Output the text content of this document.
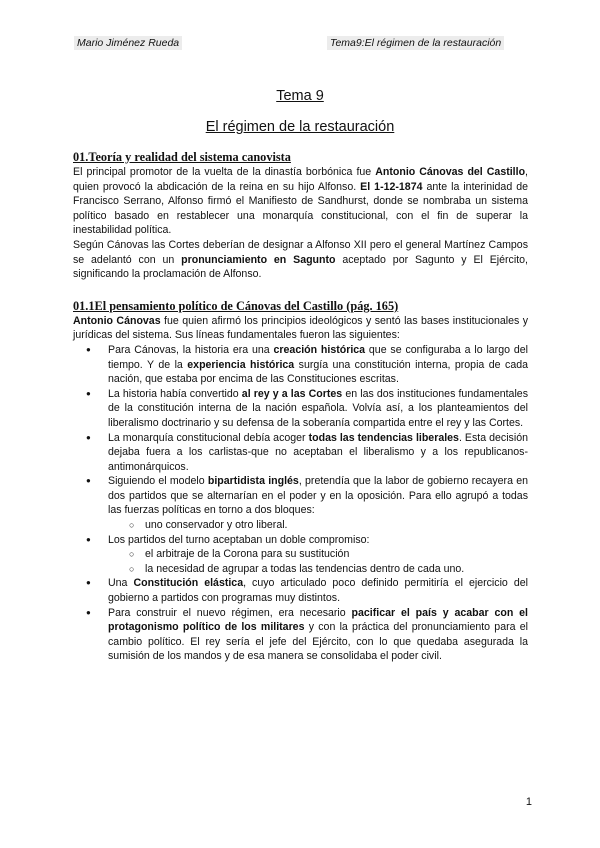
Mario Jiménez Rueda	Tema9:El régimen de la restauración
Tema 9
El régimen de la restauración
01.Teoría y realidad del sistema canovista

El principal promotor de la vuelta de la dinastía borbónica fue Antonio Cánovas del Castillo, quien provocó la abdicación de la reina en su hijo Alfonso. El 1-12-1874 ante la interinidad de Francisco Serrano, Alfonso firmó el Manifiesto de Sandhurst, donde se nombraba un sistema político basado en restablecer una monarquía constitucional, con el fin de superar la inestabilidad política.

Según Cánovas las Cortes deberían de designar a Alfonso XII pero el general Martínez Campos se adelantó con un pronunciamiento en Sagunto aceptado por Sagunto y El Ejército, significando la proclamación de Alfonso.

01.1El pensamiento político de Cánovas del Castillo (pág. 165)

Antonio Cánovas fue quien afirmó los principios ideológicos y sentó las bases institucionales y jurídicas del sistema. Sus líneas fundamentales fueron las siguientes:

● Para Cánovas, la historia era una creación histórica que se configuraba a lo largo del tiempo. Y de la experiencia histórica surgía una constitución interna, propia de cada nación, que estaba por encima de las Constituciones escritas.
● La historia había convertido al rey y a las Cortes en las dos instituciones fundamentales de la constitución interna de la nación española. Volvía así, a los planteamientos del liberalismo doctrinario y su defensa de la soberanía compartida entre el rey y las Cortes.
● La monarquía constitucional debía acoger todas las tendencias liberales. Esta decisión dejaba fuera a los carlistas-que no aceptaban el liberalismo y a los republicanos-antimonárquicos.
● Siguiendo el modelo bipartidista inglés, pretendía que la labor de gobierno recayera en dos partidos que se alternarían en el poder y en la oposición. Para ello agrupó a todas las fuerzas políticas en torno a dos bloques:
○ uno conservador y otro liberal.
● Los partidos del turno aceptaban un doble compromiso:
○ el arbitraje de la Corona para su sustitución
○ la necesidad de agrupar a todas las tendencias dentro de cada uno.
● Una Constitución elástica, cuyo articulado poco definido permitiría el ejercicio del gobierno a partidos con programas muy distintos.
● Para construir el nuevo régimen, era necesario pacificar el país y acabar con el protagonismo político de los militares y con la práctica del pronunciamiento para el cambio político. El rey sería el jefe del Ejército, con lo que quedaba asegurada la sumisión de los mandos y de esa manera se consolidaba el poder civil.
1
